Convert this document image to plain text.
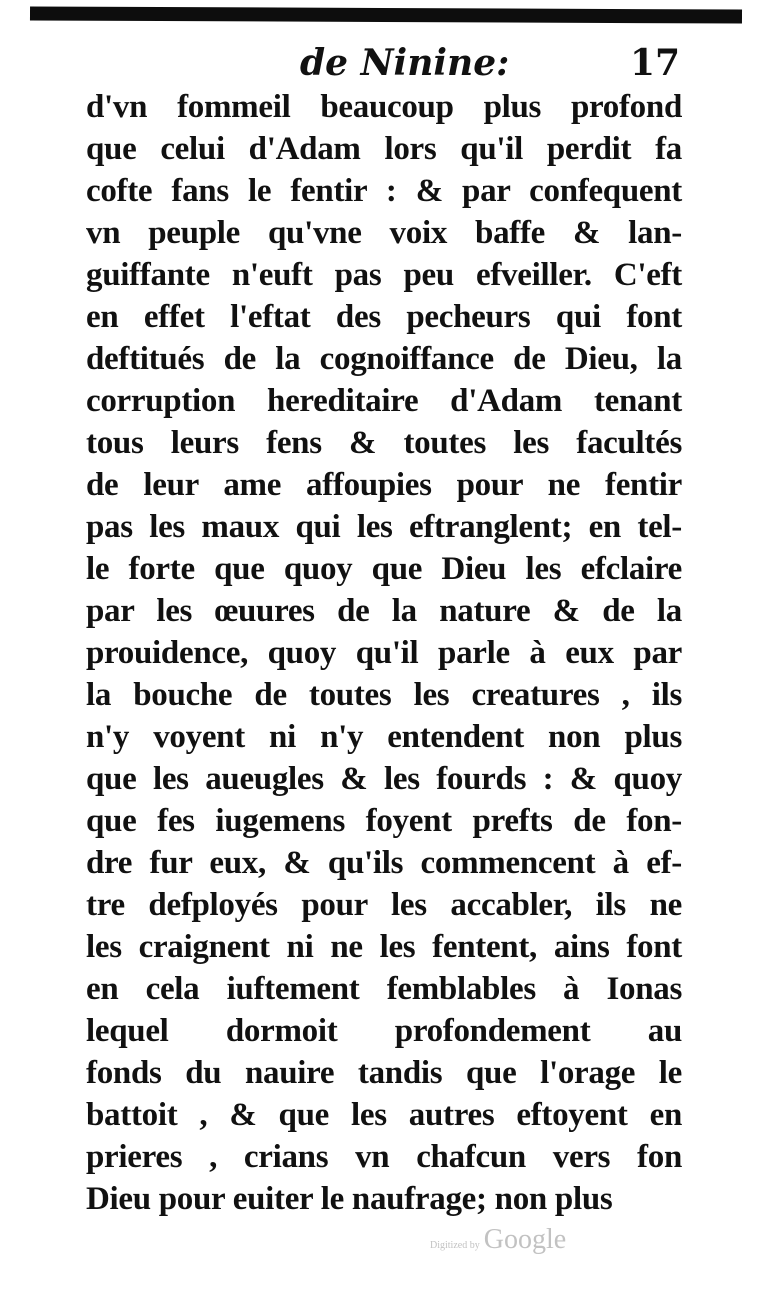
de Ninine:	17
d'vn fommeil beaucoup plus profond
que celui d'Adam lors qu'il perdit fa
cofte fans le fentir : & par confequent
vn peuple qu'vne voix baffe & lan-
guiffante n'euft pas peu efveiller. C'eft
en effet l'eftat des pecheurs qui font
deftitués de la cognoiffance de Dieu, la
corruption hereditaire d'Adam tenant
tous leurs fens & toutes les facultés
de leur ame affoupies pour ne fentir
pas les maux qui les eftranglent; en tel-
le forte que quoy que Dieu les efclaire
par les œuures de la nature & de la
prouidence, quoy qu'il parle à eux par
la bouche de toutes les creatures , ils
n'y voyent ni n'y entendent non plus
que les aueugles & les fourds : & quoy
que fes iugemens foyent prefts de fon-
dre fur eux, & qu'ils commencent à ef-
tre defployés pour les accabler, ils ne
les craignent ni ne les fentent, ains font
en cela iuftement femblables à Ionas
lequel dormoit profondement au
fonds du nauire tandis que l'orage le
battoit , & que les autres eftoyent en
prieres , crians vn chafcun vers fon
Dieu pour euiter le naufrage; non plus
Digitized by Google
